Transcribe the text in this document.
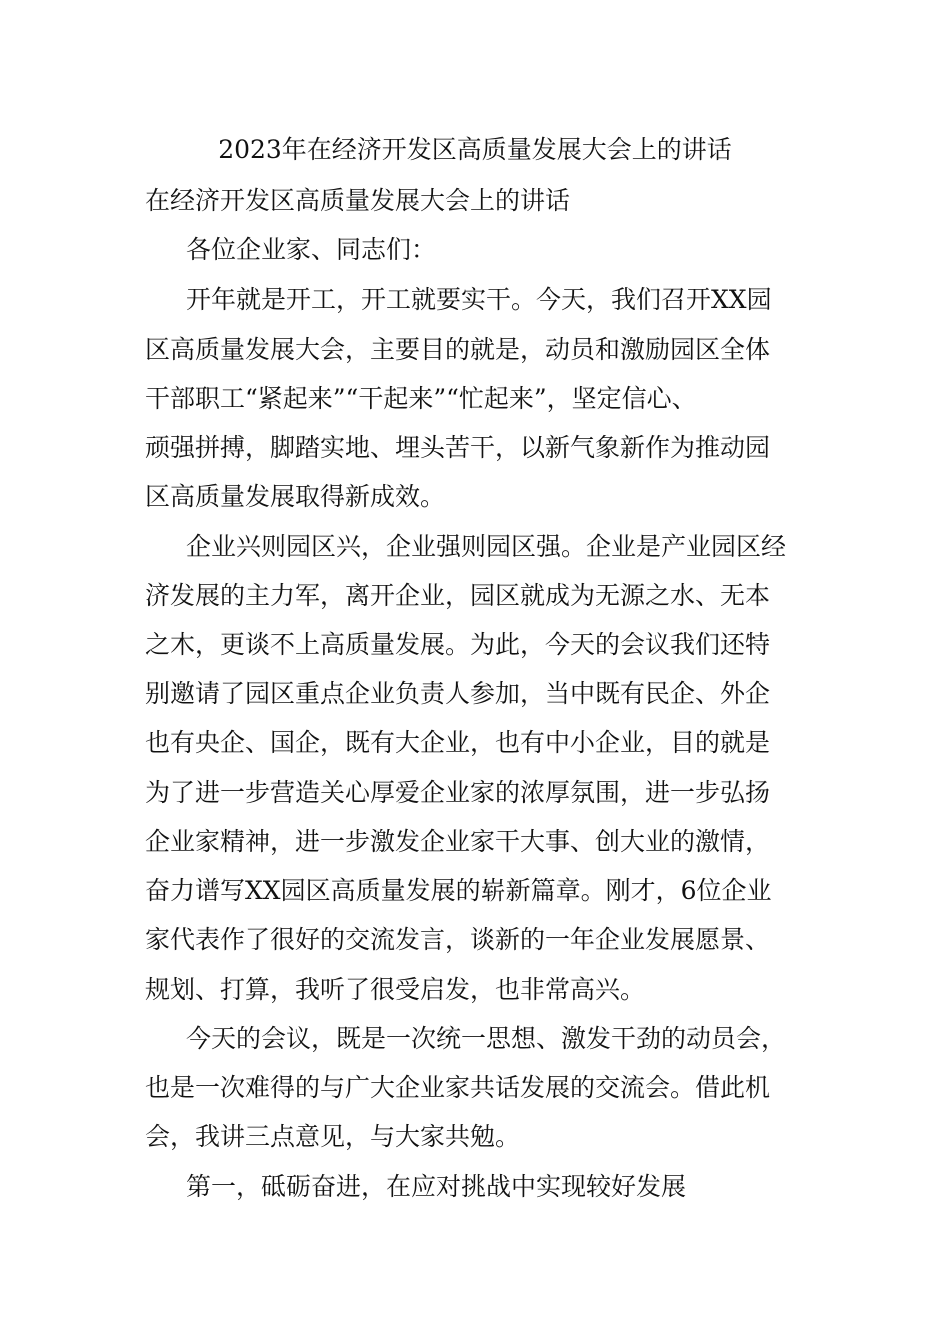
2023年在经济开发区高质量发展大会上的讲话

在经济开发区高质量发展大会上的讲话

各位企业家、同志们：

开年就是开工，开工就要实干。今天，我们召开XX园

区高质量发展大会，主要目的就是，动员和激励园区全体

干部职工“紧起来”“干起来”“忙起来”，坚定信心、

顽强拼搏，脚踏实地、埋头苦干，以新气象新作为推动园

区高质量发展取得新成效。

企业兴则园区兴，企业强则园区强。企业是产业园区经

济发展的主力军，离开企业，园区就成为无源之水、无本

之木，更谈不上高质量发展。为此，今天的会议我们还特

别邀请了园区重点企业负责人参加，当中既有民企、外企

也有央企、国企，既有大企业，也有中小企业，目的就是

为了进一步营造关心厚爱企业家的浓厚氛围，进一步弘扬

企业家精神，进一步激发企业家干大事、创大业的激情，

奋力谱写XX园区高质量发展的崭新篇章。刚才，6位企业

家代表作了很好的交流发言，谈新的一年企业发展愿景、

规划、打算，我听了很受启发，也非常高兴。

今天的会议，既是一次统一思想、激发干劲的动员会，

也是一次难得的与广大企业家共话发展的交流会。借此机

会，我讲三点意见，与大家共勉。

第一，砥砺奋进，在应对挑战中实现较好发展
